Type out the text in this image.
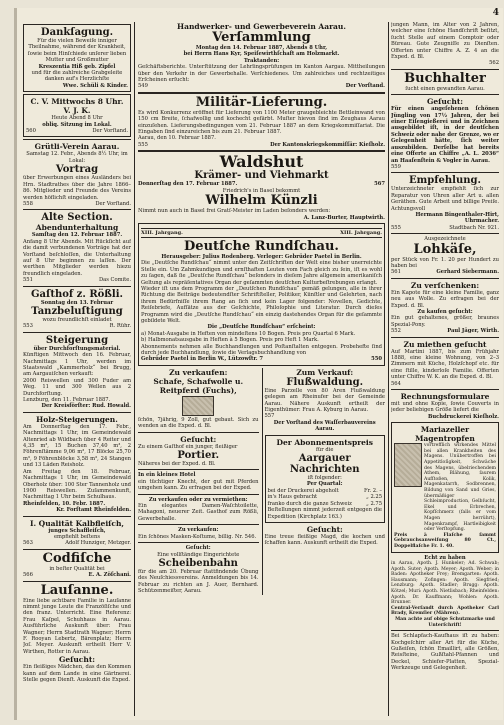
4
Dankſagung.
Für die vielen Beweiſe inniger Theilnahme, während der Krankheit, ſowie beim Hinſchiede unſerer lieben Mutter und Großmutter
Kreszentia Hiß geb. Zipfel
und für die zahlreiche Grabgeleite danken auf's Herzlichſte
Wwe. Schüli & Kinder.
C. V. Mittwochs 8 Uhr.
V. J. K.
Heute Abend 8 Uhr
obliq. Sitzung im Lokal.
560	Der Vorſtand.
Grütli-Verein Aarau.
Samstag 12. Febr., Abends 8½ Uhr, im Lokal:
Vortrag
über Erwerbungen eines Ausländers bei Hrn. Stadtrathes über die Jahre 1866–86. Mitglieder und Freunde des Vereins werden höflichſt eingeladen.
558	Der Vorſtand.
Alte Section.
Abendunterhaltung
Samſtag den 12. Februar 1887.
Anfang 8 Uhr Abends. Mit Rückſicht auf die damit verbundenen Vorträge hat der Vorſtand beſchloſſen, die Unterhaltung auf 8 Uhr beginnen zu laſſen. Der werthen Mitglieder werden hiezu freundlich eingeladen.
551	Das Comite.
Gaſthof z. Rößli.
Sonntag den 13. Februar
Tanzbeluſtigung
wozu freundlichſt einladet
553	R. Rühr.
Steigerung
über Durchforſtungsmaterial.
Künftigen Mittwoch den 16. Februar, Nachmittags 1 Uhr, werden im Staatswald „Kammerholz“ bei Brugg, am Aargauiſchen verkauft:
2000 Reiswellen und 300 Fuder am Weg. 11 und 300 Wellen aus 2 Durchforſtung.
Lenzburg, den 11. Februar 1887.
Der Kreisförſter: Rud. Howald.
Holz-Steigerungen.
Am Donnerſtag den 17. Febr., Nachmittags 1 Uhr, im Gemeindewald Altenried ab Wildbach über 4 Reiter und 4,35 m³, 15 Buchen 37,40 m³, 2 Föhrenſtämme 9,06 m³, 17 Blöcke 25,70 m³, 9 Föhrenblöcke 3,58 m³, 24 Stangen und 13 Läden Reisholz.
Am Freitag den 18. Februar, Nachmittags 1 Uhr, im Gemeindewald Oberholz über: 100 Ster Tannenholz und 1900 Reiswellen. Zuſammenkunft, Nachmittag 1 Uhr beim Schulhaus.
Rheinfelden, 10. Febr. 1887.
Kr. Forſtamt Rheinfelden.
I. Qualität Kalbfleiſch,
junges Schaffleiſch,
empfiehlt beſtens
563	Adolf Hunziger, Metzger.
Codfiſche
in beſter Qualität bei
566	E. A. Zöſchani.
Lauſanne.
Eine liebe achtbare Familie in Lauſanne nimmt junge Leute die Franzöſiſche und den franz. Unterricht. Eine Referenz: Frau Kaſpel, Schuhhaus in Aarau. Ausführliche Auskunft über: Frau Wagner; Herrn Stadtrath Wagner; Herrn F. Rooyan Lebertz, Bärenplatz; Herrn Joſ. Meyer. Auskunft ertheilt Herr V. Wirthen, Rotter in Aarau.
Geſucht:
Ein fleißiges Mädchen, das den Kommen kann auf dem Lande in eine Gärtnerei. Stelle gegen Dienſt. Auskunft die Exped.
Handwerker- und Gewerbeverein Aarau.
Verſammlung
Montag den 14. Februar 1887, Abends 8 Uhr,
bei Herrn Hans Kyr, Speiſewirthſchaft am Holzmarkt.
Traktanden:
Geſchäftsberichte. Unterſtützung der Lehrlingsprüfungen im Kanton Aargau. Mittheilungen über den Verkehr in der Gewerbehalle. Verſchiedenes. Um zahlreiches und rechtzeitiges Erſcheinen erſucht:
549	Der Vorſtand.
Militär-Lieferung.
Es wird Konkurrenz eröffnet für Lieferung von 1100 Meter graugebleichte Bettleinwand von 150 cm Breite, ſchafwollig und kochecht gefärbt. Muſter hievon ſind im Zeughaus Aarau einzuſehen. Lieferungsbedingungen vom 21. Februar 1887 an dem Kriegskommiſſariat. Die Eingaben ſind einzureichen bis zum 21. Februar 1887.
Aarau, den 10. Februar 1887.
555	Der Kantonskriegskommiſſär: Kieſholz.
Waldshut
Krämer- und Viehmarkt
Donnerſtag den 17. Februar 1887.	567
Friedrich's in Basel bekommt
Wilhelm Künzli
Nimmt nun auch in Basel frei Gratſ-Meister im Laden beſonders werden:
A. Lanz-Burter, Hauptwirth.
XIII. Jahrgang.	XIII. Jahrgang.
Deutſche Rundſchau.
Herausgeber: Julius Rodenberg. Verleger: Gebrüder Paetel in Berlin.
Die „Deutſche Rundſchau“ nimmt unter den Zeitſchriften der Welt eine bisher unerreichte Stelle ein. Um Zahmkundigen und ernſthaften Leuten vom Fach gleich zu ſein, iſt es wohl zu ſagen, daß ſie „Deutſche Rundſchau“ beſonders in dieſem Jahre allgemein amerikaniſch Geltung als repräſentatives Organ der geſammten deutſchen Kulturbeſtrebungen erlangt.
Wieder iſt uns dem Programm der „Deutſchen Rundſchau“ gemäß gelungen, alle in ihrer Richtung die Beiträge bedeutendſter Schriftſteller, Politiker, Künſtler und Gelehrten, nach ihrem Bedürfniſſe ihrem Rang an ſich und kein Lager folgender: Novellen, Gedichte, Reiſebriefe, Aufſätze aus der Geſchichte, Philoſophie und Literatur. Durch dieſes Programm wird die „Deutſche Rundſchau“ ein einzig dastehendes Organ für die geſammte gebildete Welt.
Die „Deutſche Rundſchau“ erſcheint:
a) Monat-Ausgabe in Heften von mindeſtens 10 Bogen. Preis pro Quartal 6 Mark.
b) Halbmonatsausgabe in Heften à 5 Bogen. Preis pro Heft 1 Mark.
Abonnements nehmen alle Buchhandlungen und Poſtanſtalten entgegen. Probehefte ſind durch jede Buchhandlung, ſowie die Verlagsbuchhandlung von
Gebrüder Paetel in Berlin W., Lützowſtr. 7	550
Zu verkaufen:
Schafe, Schafwolle u. Reitpferd (Fuchs),
ſchön, 7jährig, 9 Zoll, gut gebaut. Sich zu wenden an die Exped. d. Bl.
Geſucht:
Zu einem Gaſthof ein junger, fleißiger
Portier.
Näheres bei der Exped. d. Bl.
In ein kleines Hotel
ein tüchtiger Knecht, der gut mit Pferden umgehen kann. Zu erfragen bei der Exped.
Zu verkaufen oder zu vermiethen:
Ein elegantes Damen-Waſchtoilette, Mahagoni, neuerer Zeit. Gasthof zum Rößli, Gewerbehalle.
Zu verkaufen:
Ein ſchönes Masken-Koſtume, billig. Nr. 546.
Geſucht:
Eine vollſtändige Eingerichtete
Scheibenbahn
für die am 20. Februar ſtattfindende Übung des Neuſchiessvereins. Anmeldungen bis 14. Februar zu richten an J. Auer, Bernhard. Schützenmeiſter, Aarau.
Zum Verkauf:
Flußwaldung.
Eine Parzelle von 80 Aren Flußwaldung gelegen am Rheinufer bei der Gemeinde Aarau. Nähere Auskunft ertheilt der Eigenthümer: Frau A. Kyburg in Aarau.
557
Der Vorſtand des Waſſerbauvereins Aarau.
Der Abonnementspreis
für die
Aargauer Nachrichten
iſt folgender:
Per Quartal:
bei der Druckerei abgeholt	Fr. 2. –
in's Haus gebracht	„ 2.25
franko durch die ganze Schweiz	„ 2.75
Beſtellungen nimmt jederzeit entgegen die Expedition (Kirchplatz 163.)
Geſucht:
Eine treue fleißige Magd, die kochen und ſchaffen kann. Auskunft ertheilt die Exped.
jungen Mann, im Alter von 2 Jahren, welcher eine ſchöne Handſchrift beſitzt, ſucht Stelle auf einem Comptoir oder Büreau. Gute Zeugniſſe zu Dienſten. Offerten unter Chiffre A. Z. 4 an die Exped. d. Bl.
562
Buchhalter
ſucht einen gewandten Aarau.
Geſucht:
Für einen angeſehenen ſchönen Jüngling von 17½ Jahren, der bei einer Eiſengießerei und in Zeichnen ausgebildet iſt, in der deutſchen Schweiz oder nahe der Grenze, wo er Gelegenheit hätte, ſich weiter auszubilden. Derſelbe hat bereits eine Offerte an Chiffre „A. L. 2036“ an Haaſenſtein & Vogler in Aarau.
559
Empfehlung.
Unterzeichneter empfiehlt ſich zur Reparatur von Uhren aller Art u. allen Geräthen. Gute Arbeit und billige Preiſe. Achtungsvoll
Hermann Bingenthaler-Hirt, Uhrmacher.
555	Stadtbach Nr. 921.
Ausgezeichnete
Lohkäſe,
per Stück von Fr. 1. 20 per Hundert zu haben bei
561	Gerhard Siebermann.
Zu verſchenken:
Ein Kapote für eine kleine Familie, ganz neu aus Wolle. Zu erfragen bei der Exped. d. Bl.
Zu kaufen geſucht:
Ein gut gehaltenes, größer, braunes Spezial-Pony.
552	Paul Jäger, Wirth.
Zu miethen geſucht
Auf Martini 1887, bis zum Frühjahr 1888, eine kleine Wohnung, von 2–3 Zimmern mit Küche, Holzſchopf etc. für eine ſtille, kinderloſe Familie. Offerten unter Chiffre W. K. an die Exped. d. Bl.
564
Rechnungsformulare
mit und ohne Kopie, ſowie Couverts in jeder beliebigen Größe liefert die
Buchdruckerei Kieſholz.
Mariazeller
Magentropfen
vortrefflich wirkendes Mittel bei allen Krankheiten des Magens. Unübertroffen bei Appetitloſigkeit, Schwäche des Magens, übelriechendem Athem, Blähung, ſaurem Aufſtoßen, Kolik, Magenkatarrh, Sodbrennen, Bildung von Sand und Gries, übermäßiger Schleimproduction, Gelbſucht, Ekel und Erbrechen, Kopfſchmerz (falls er vom Magen herrührt), Magenkrampf, Hartleibigkeit oder Verſtopfung.
Preis à Flaſche ſammt Gebrauchsanweiſung 80 Ct., Doppelflaſche Fr. 1. 40.
Echt zu haben
in Aarau, Apoth. J. Hunkeler; Ad. Schwab; Apoth. Suter; Apoth. Meyer; Apoth. Weber; in Baden: Apotheker Frey; Bremgarten: Apoth. Hausmann; Zofingen: Apoth. Siegfried; Lenzburg: Apoth. Stadler; Brugg: Apoth. Kötzel; Muri: Apoth. Nietlisbach; Rheinfelden: Apoth. Dr. Kauffmann; Wohlen: Apoth. Brunner.
Central-Verſandt durch Apotheker Carl Brady, Kremſier (Mähren).
Man achte auf obige Schutzmarke und Unterſchrift!
Bei Schlapfach-Kaufhaus iſt zu haben: Kochgeſchirr aller Art für die Küche, Gußeiſen, ſchön Emaillirt, alle Größen, Reisſteine, Gußſtahl-Pfannen und Deckel, Schiefer-Platten, Spezial-Werkzeuge und Gelegenheit.
